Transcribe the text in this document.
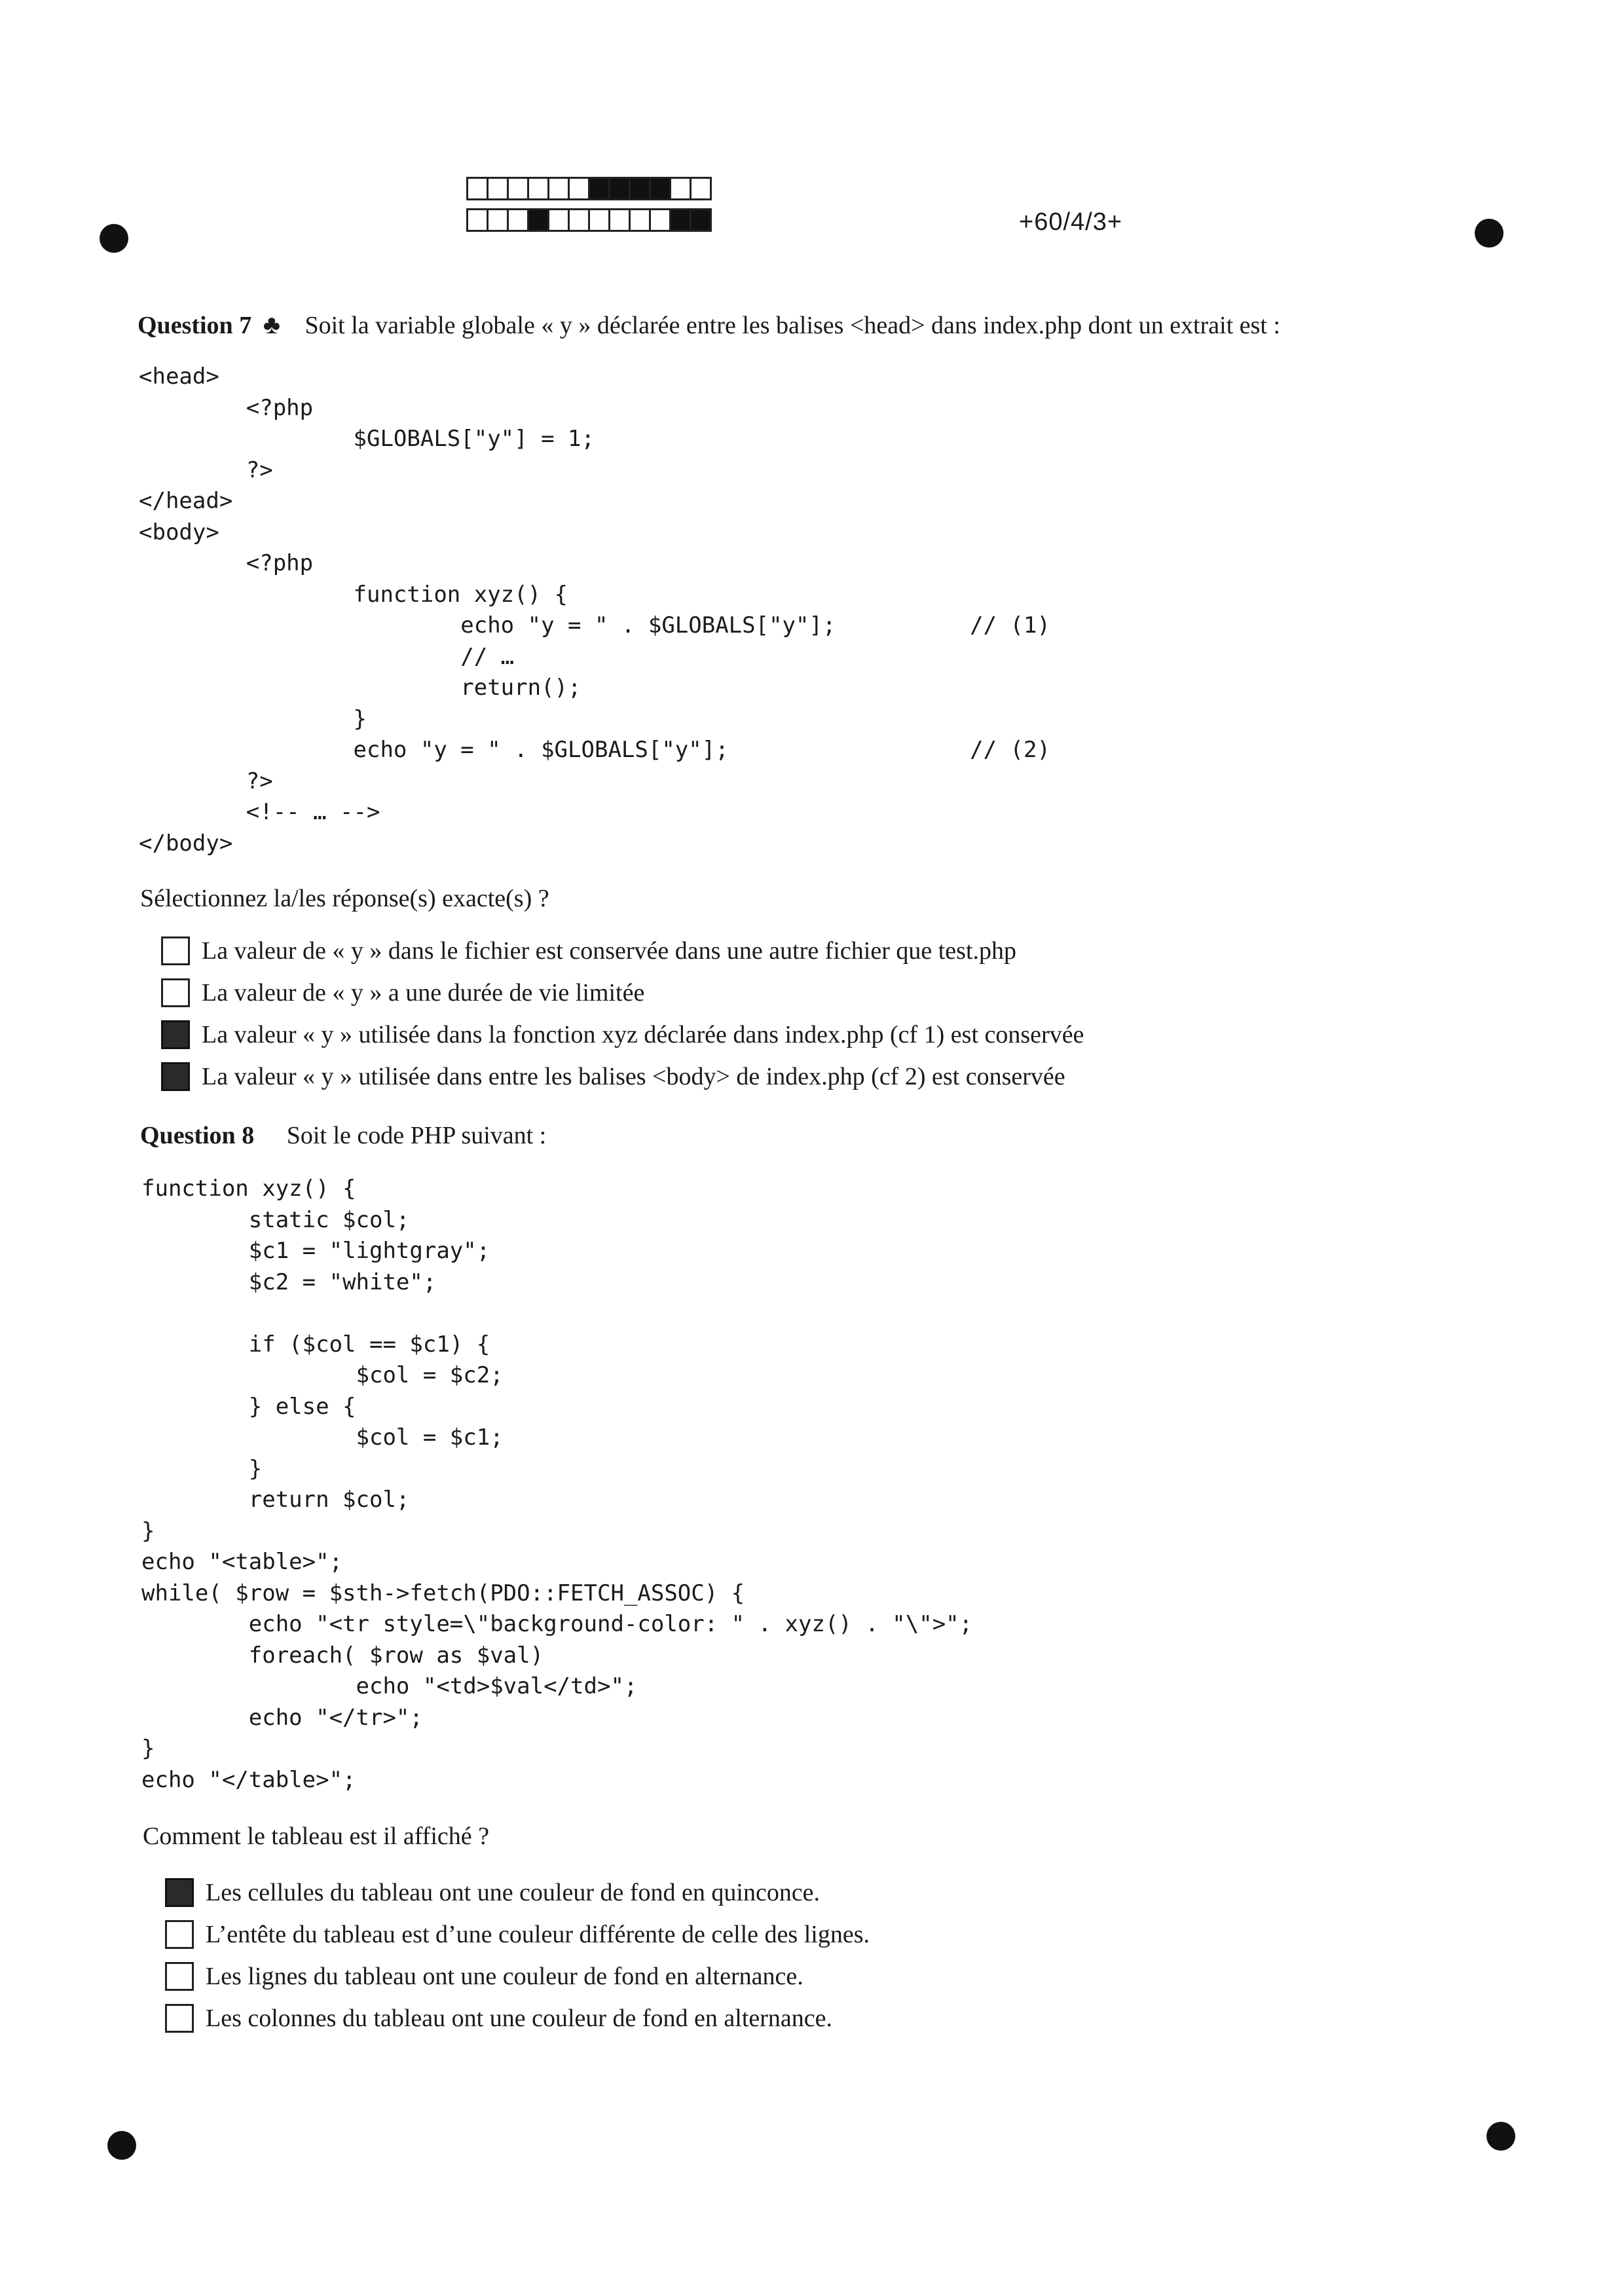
+60/4/3+
Question 7 ♣ Soit la variable globale « y » déclarée entre les balises <head> dans index.php dont un extrait est :
<head>
<?php
$GLOBALS["y"] = 1;
?>
</head>
<body>
<?php
function xyz() {
echo "y = " . $GLOBALS["y"];          // (1)
// …
return();
}
echo "y = " . $GLOBALS["y"];                  // (2)
?>
<!-- … -->
</body>
Sélectionnez la/les réponse(s) exacte(s) ?
La valeur de « y » dans le fichier est conservée dans une autre fichier que test.php
La valeur de « y » a une durée de vie limitée
La valeur « y » utilisée dans la fonction xyz déclarée dans index.php (cf 1) est conservée
La valeur « y » utilisée dans entre les balises <body> de index.php (cf 2) est conservée
Question 8 Soit le code PHP suivant :
function xyz() {
static $col;
$c1 = "lightgray";
$c2 = "white";

if ($col == $c1) {
$col = $c2;
} else {
$col = $c1;
}
return $col;
}
echo "<table>";
while( $row = $sth->fetch(PDO::FETCH_ASSOC) {
echo "<tr style=\"background-color: " . xyz() . "\">";
foreach( $row as $val)
echo "<td>$val</td>";
echo "</tr>";
}
echo "</table>";
Comment le tableau est il affiché ?
Les cellules du tableau ont une couleur de fond en quinconce.
L’entête du tableau est d’une couleur différente de celle des lignes.
Les lignes du tableau ont une couleur de fond en alternance.
Les colonnes du tableau ont une couleur de fond en alternance.
